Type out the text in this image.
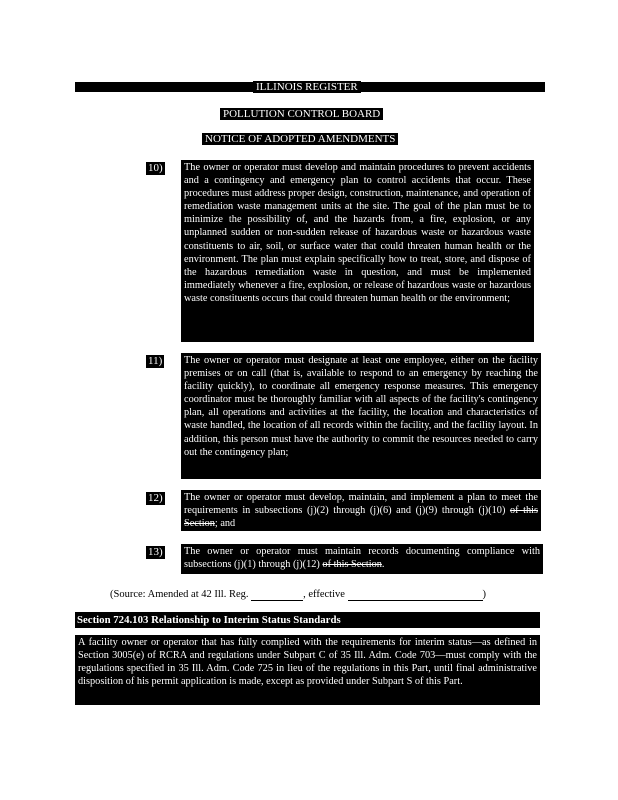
ILLINOIS REGISTER
POLLUTION CONTROL BOARD
NOTICE OF ADOPTED AMENDMENTS
10) The owner or operator must develop and maintain procedures to prevent accidents and a contingency and emergency plan to control accidents that occur. These procedures must address proper design, construction, maintenance, and operation of remediation waste management units at the site. The goal of the plan must be to minimize the possibility of, and the hazards from, a fire, explosion, or any unplanned sudden or non-sudden release of hazardous waste or hazardous waste constituents to air, soil, or surface water that could threaten human health or the environment. The plan must explain specifically how to treat, store, and dispose of the hazardous remediation waste in question, and must be implemented immediately whenever a fire, explosion, or release of hazardous waste or hazardous waste constituents occurs that could threaten human health or the environment;
11) The owner or operator must designate at least one employee, either on the facility premises or on call (that is, available to respond to an emergency by reaching the facility quickly), to coordinate all emergency response measures. This emergency coordinator must be thoroughly familiar with all aspects of the facility's contingency plan, all operations and activities at the facility, the location and characteristics of waste handled, the location of all records within the facility, and the facility layout. In addition, this person must have the authority to commit the resources needed to carry out the contingency plan;
12) The owner or operator must develop, maintain, and implement a plan to meet the requirements in subsections (j)(2) through (j)(6) and (j)(9) through (j)(10) of this Section; and
13) The owner or operator must maintain records documenting compliance with subsections (j)(1) through (j)(12) of this Section.
(Source: Amended at 42 Ill. Reg.	, effective	)
Section 724.103 Relationship to Interim Status Standards
A facility owner or operator that has fully complied with the requirements for interim status—as defined in Section 3005(e) of RCRA and regulations under Subpart C of 35 Ill. Adm. Code 703—must comply with the regulations specified in 35 Ill. Adm. Code 725 in lieu of the regulations in this Part, until final administrative disposition of his permit application is made, except as provided under Subpart S of this Part.
